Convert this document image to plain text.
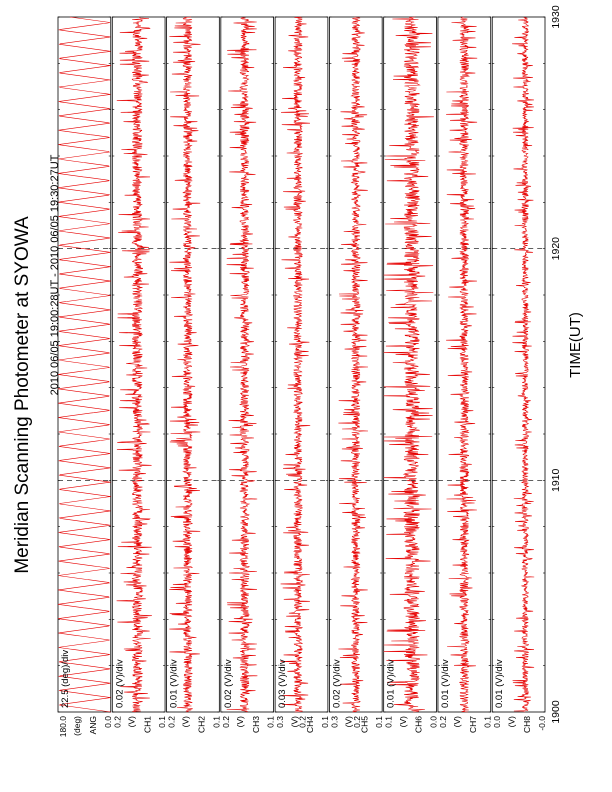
0.0
180.0 (deg) ANG
22.5 (deg)/div
0.1
0.2 (V) CH1
0.02 (V)/div
0.1
0.2 (V) CH2
0.01 (V)/div
0.1
0.2 (V) CH3
0.02 (V)/div
0.1
0.2
0.3 (V) CH4
0.03 (V)/div
0.1
0.2
0.3 (V) CH5
0.02 (V)/div
0.0
0.1 (V) CH6
0.01 (V)/div
0.1
0.2 (V) CH7
0.01 (V)/div
-0.0
0.0 (V) CH8
0.01 (V)/div
1900
1910
1920
1930
Meridian Scanning Photometer at SYOWA 2010 06/05 19:00:28UT - 2010 06/05 19:30:27UT	TIME(UT)
